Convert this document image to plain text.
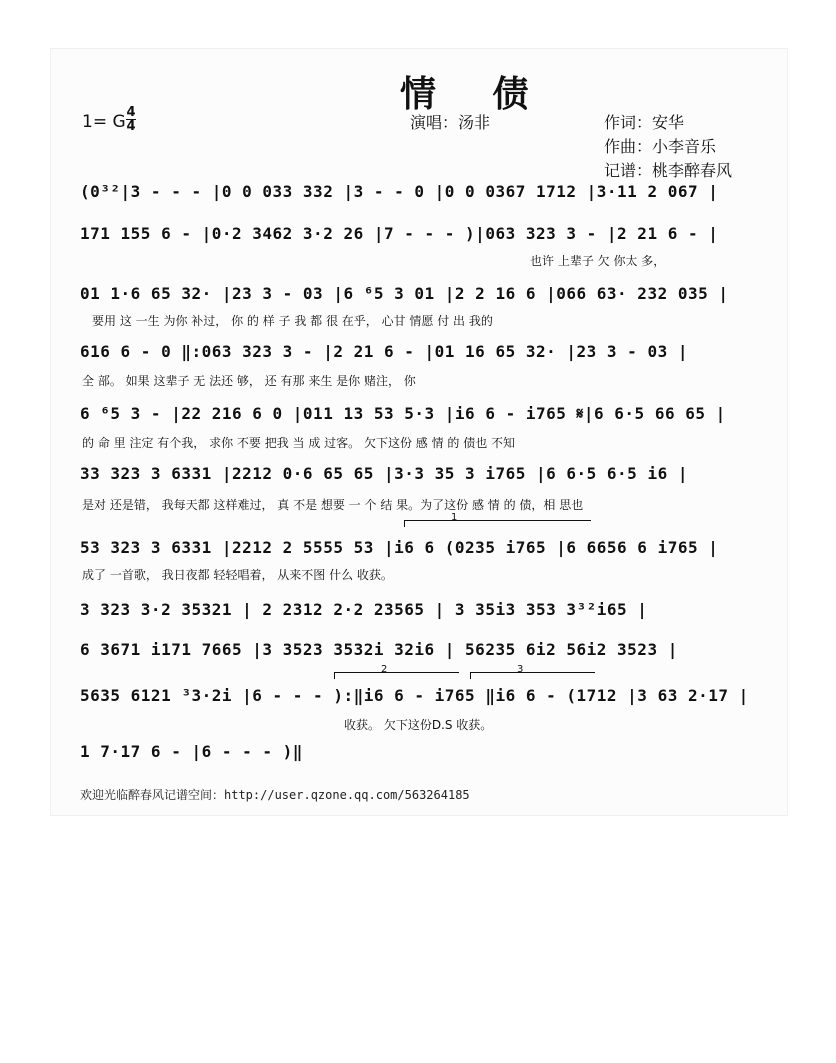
情 债
1= G 4
4	演唱：汤非	作词：安华
作曲：小李音乐
记谱：桃李醉春风
(0³²|3 - - - |0 0 033 332 |3 - - 0 |0 0 0367 1712 |3·11 2 067 |
171 155 6 - |0·2 3462 3·2 26 |7 - - - )|063 323 3 - |2 21 6 - |
也许 上辈子 欠 你太 多，
01 1·6 65 32· |23 3 - 03 |6 ⁶5 3 01 |2 2 16 6 |066 63· 232 035 |
要用 这 一生 为你 补过， 你 的 样 子 我 都 很 在乎， 心甘 情愿 付 出 我的
616 6 - 0 ‖:063 323 3 - |2 21 6 - |01 16 65 32· |23 3 - 03 |
全 部。 如果 这辈子 无 法还 够， 还 有那 来生 是你 赌注， 你
6 ⁶5 3 - |22 216 6 0 |011 13 53 5·3 |i6 6 - i765 𝄋|6 6·5 66 65 |
的 命 里 注定 有个我， 求你 不要 把我 当 成 过客。 欠下这份 感 情 的 债也 不知
33 323 3 6331 |2212 0·6 65 65 |3·3 35 3 i765 |6 6·5 6·5 i6 |
是对 还是错， 我每天都 这样难过， 真 不是 想要 一 个 结 果。为了这份 感 情 的 债，相 思也
1
53 323 3 6331 |2212 2 5555 53 |i6 6 (0235 i765 |6 6656 6 i765 |
成了 一首歌， 我日夜都 轻轻唱着， 从来不图 什么 收获。
3 323 3·2 35321 | 2 2312 2·2 23565 | 3 35i3 353 3³²i65 |
6 3671 i171 7665 |3 3523 3532i 32i6 | 56235 6i2 56i2 3523 |
2	3
5635 6121 ³3·2i |6 - - - ):‖i6 6 - i765 ‖i6 6 - (1712 |3 63 2·17 |
收获。 欠下这份D.S 收获。
1 7·17 6 - |6 - - - )‖
欢迎光临醉春风记谱空间：http://user.qzone.qq.com/563264185
